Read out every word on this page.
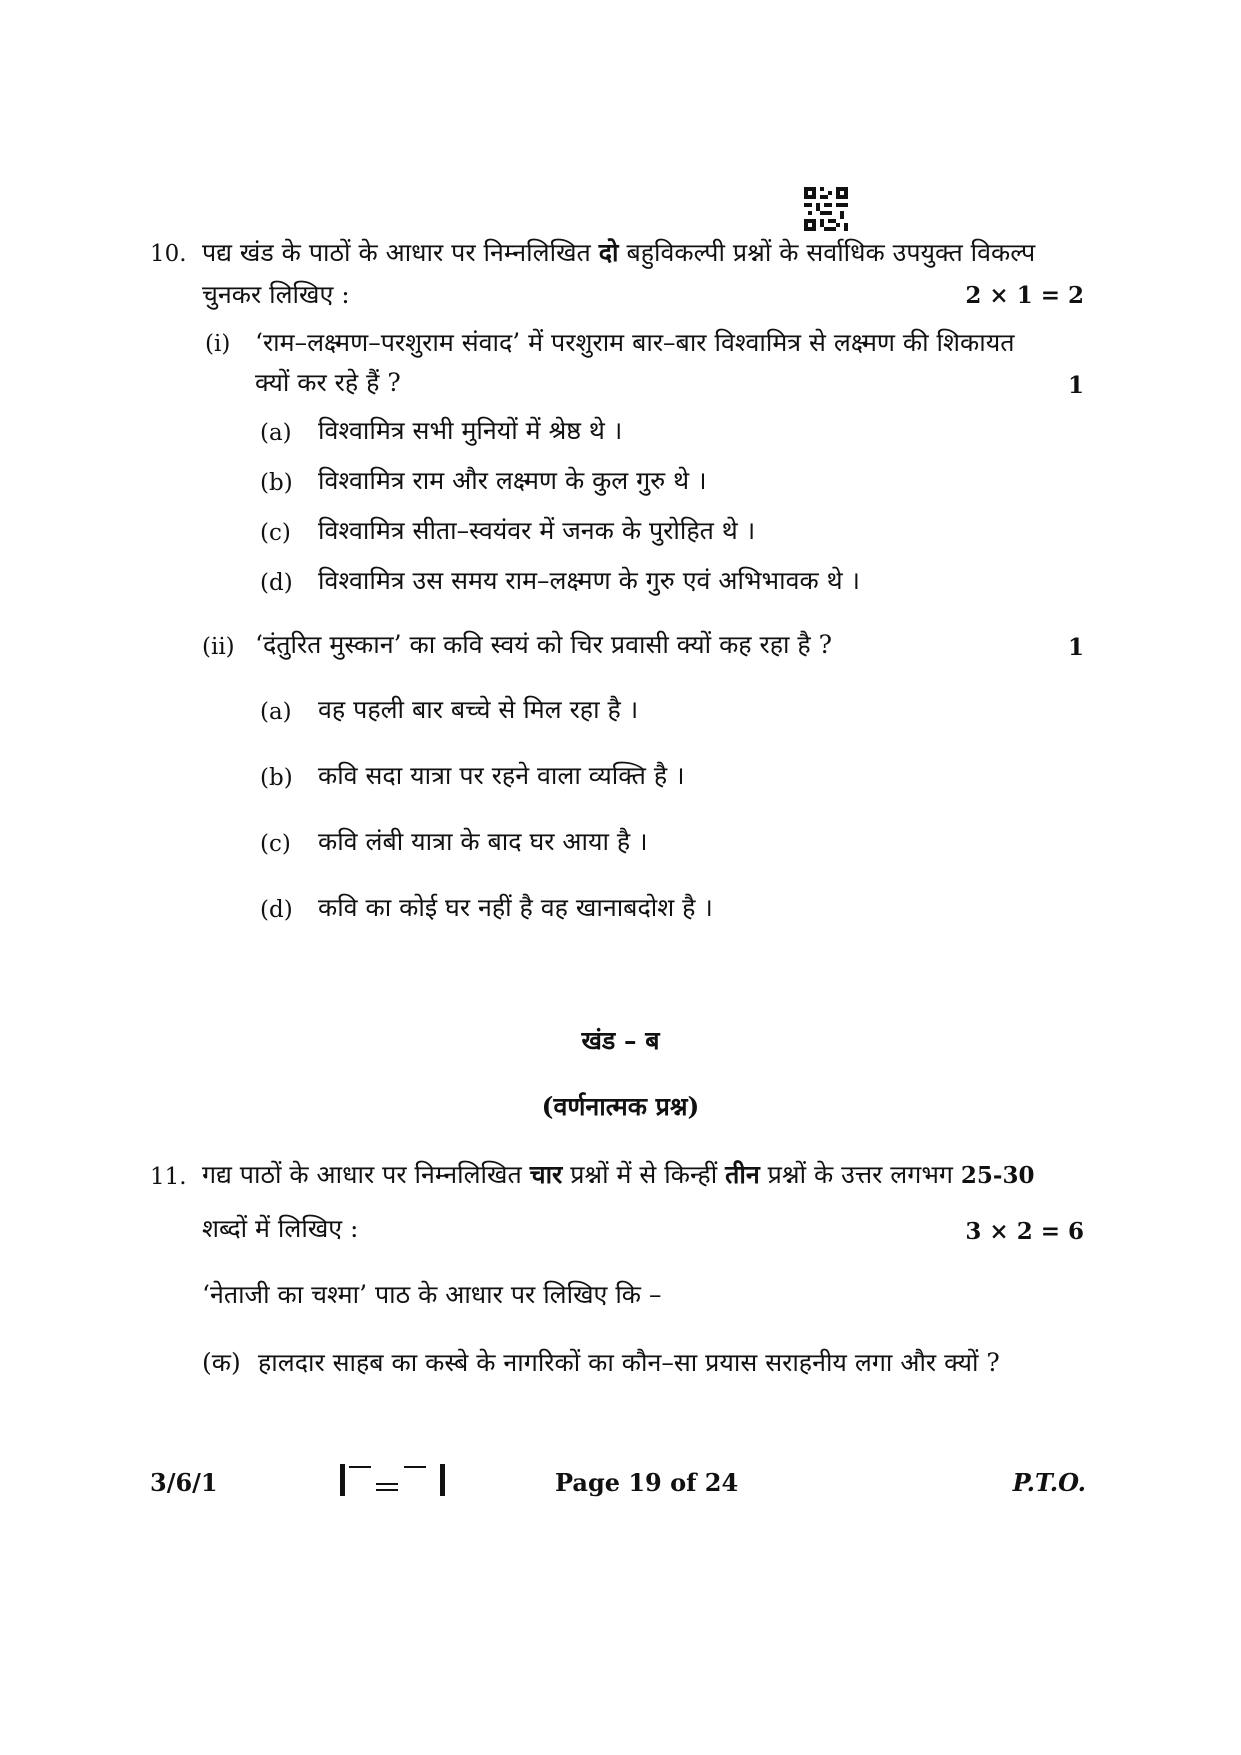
10. पद्य खंड के पाठों के आधार पर निम्नलिखित दो बहुविकल्पी प्रश्नों के सर्वाधिक उपयुक्त विकल्प
चुनकर लिखिए :	2 × 1 = 2
(i) ‘राम–लक्ष्मण–परशुराम संवाद’ में परशुराम बार–बार विश्वामित्र से लक्ष्मण की शिकायत
क्यों कर रहे हैं ?	1
(a) विश्वामित्र सभी मुनियों में श्रेष्ठ थे ।
(b) विश्वामित्र राम और लक्ष्मण के कुल गुरु थे ।
(c) विश्वामित्र सीता–स्वयंवर में जनक के पुरोहित थे ।
(d) विश्वामित्र उस समय राम–लक्ष्मण के गुरु एवं अभिभावक थे ।
(ii) ‘दंतुरित मुस्कान’ का कवि स्वयं को चिर प्रवासी क्यों कह रहा है ?	1
(a) वह पहली बार बच्चे से मिल रहा है ।
(b) कवि सदा यात्रा पर रहने वाला व्यक्ति है ।
(c) कवि लंबी यात्रा के बाद घर आया है ।
(d) कवि का कोई घर नहीं है वह खानाबदोश है ।
खंड – ब
(वर्णनात्मक प्रश्न)
11. गद्य पाठों के आधार पर निम्नलिखित चार प्रश्नों में से किन्हीं तीन प्रश्नों के उत्तर लगभग 25-30
शब्दों में लिखिए :	3 × 2 = 6
‘नेताजी का चश्मा’ पाठ के आधार पर लिखिए कि –
(क) हालदार साहब का कस्बे के नागरिकों का कौन–सा प्रयास सराहनीय लगा और क्यों ?
3/6/1	Page 19 of 24	P.T.O.
